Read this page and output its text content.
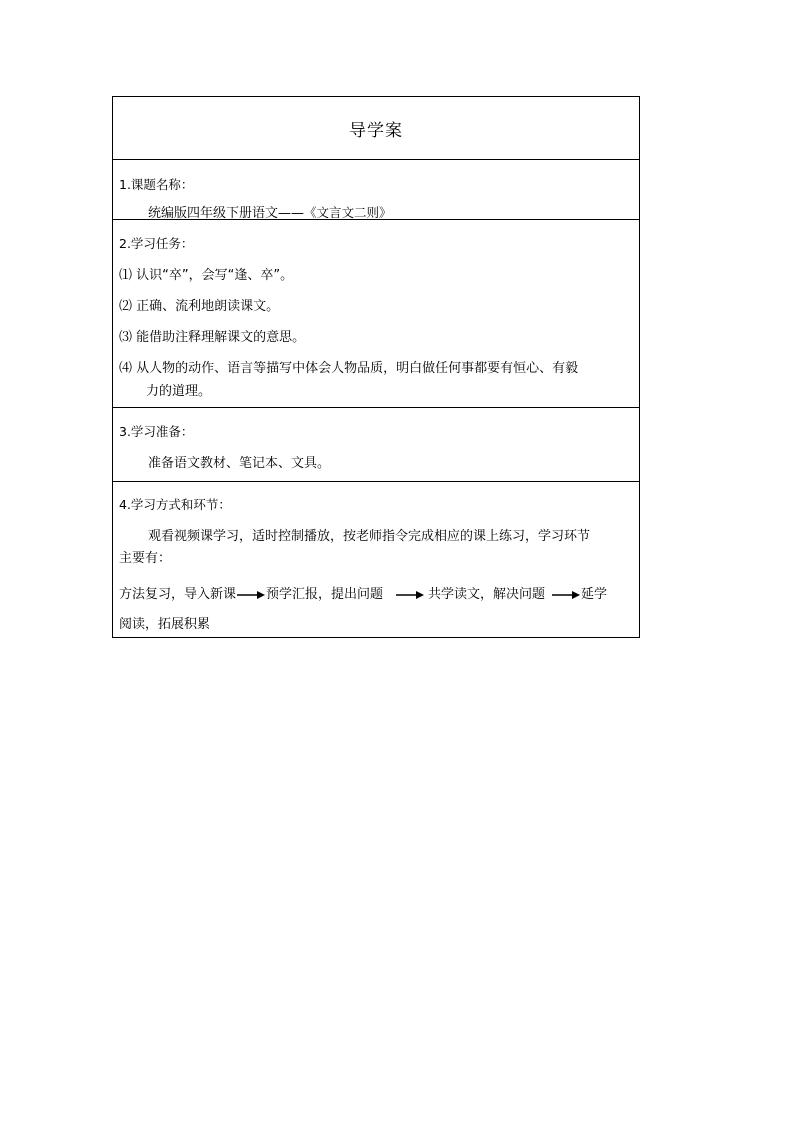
导学案
1.课题名称：
统编版四年级下册语文——《文言文二则》
2.学习任务：
⑴ 认识“卒”，会写“逢、卒”。
⑵ 正确、流利地朗读课文。
⑶ 能借助注释理解课文的意思。
⑷ 从人物的动作、语言等描写中体会人物品质，明白做任何事都要有恒心、有毅
力的道理。
3.学习准备：
准备语文教材、笔记本、文具。
4.学习方式和环节：
观看视频课学习，适时控制播放，按老师指令完成相应的课上练习，学习环节
主要有：
方法复习，导入新课 预学汇报，提出问题	共学读文，解决问题	延学
阅读，拓展积累
